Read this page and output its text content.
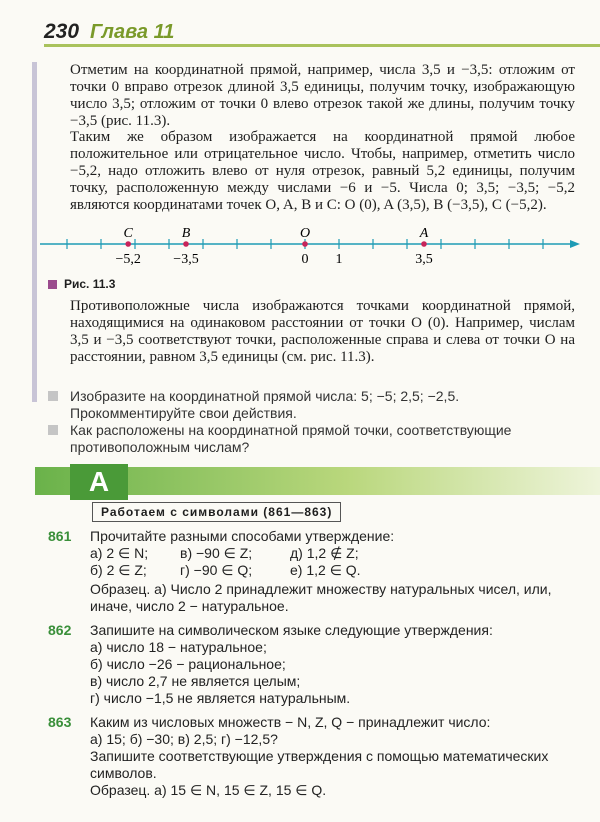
230 Глава 11
Отметим на координатной прямой, например, числа 3,5 и −3,5: отложим от точки 0 вправо отрезок длиной 3,5 единицы, получим точку, изображающую число 3,5; отложим от точки 0 влево отрезок такой же длины, получим точку −3,5 (рис. 11.3).
Таким же образом изображается на координатной прямой любое положительное или отрицательное число. Чтобы, например, отметить число −5,2, надо отложить влево от нуля отрезок, равный 5,2 единицы, получим точку, расположенную между числами −6 и −5. Числа 0; 3,5; −3,5; −5,2 являются координатами точек O, A, B и C: O (0), A (3,5), B (−3,5), C (−5,2).
C
−5,2
B
−3,5
O
0 1
A
3,5
Рис. 11.3
Противоположные числа изображаются точками координатной прямой, находящимися на одинаковом расстоянии от точки O (0). Например, числам 3,5 и −3,5 соответствуют точки, расположенные справа и слева от точки O на расстоянии, равном 3,5 единицы (см. рис. 11.3).
Изобразите на координатной прямой числа: 5; −5; 2,5; −2,5. Прокомментируйте свои действия.
Как расположены на координатной прямой точки, соответствующие противоположным числам?
А
Работаем с символами (861—863)
861 Прочитайте разными способами утверждение:
а) 2 ∈ N;	в) −90 ∈ Z;	д) 1,2 ∉ Z;
б) 2 ∈ Z;	г) −90 ∈ Q;	е) 1,2 ∈ Q.
Образец. а) Число 2 принадлежит множеству натуральных чисел, или, иначе, число 2 − натуральное.
862 Запишите на символическом языке следующие утверждения:
а) число 18 − натуральное;
б) число −26 − рациональное;
в) число 2,7 не является целым;
г) число −1,5 не является натуральным.
863 Каким из числовых множеств − N, Z, Q − принадлежит число:
а) 15; б) −30; в) 2,5; г) −12,5?
Запишите соответствующие утверждения с помощью математических символов.
Образец. а) 15 ∈ N, 15 ∈ Z, 15 ∈ Q.
